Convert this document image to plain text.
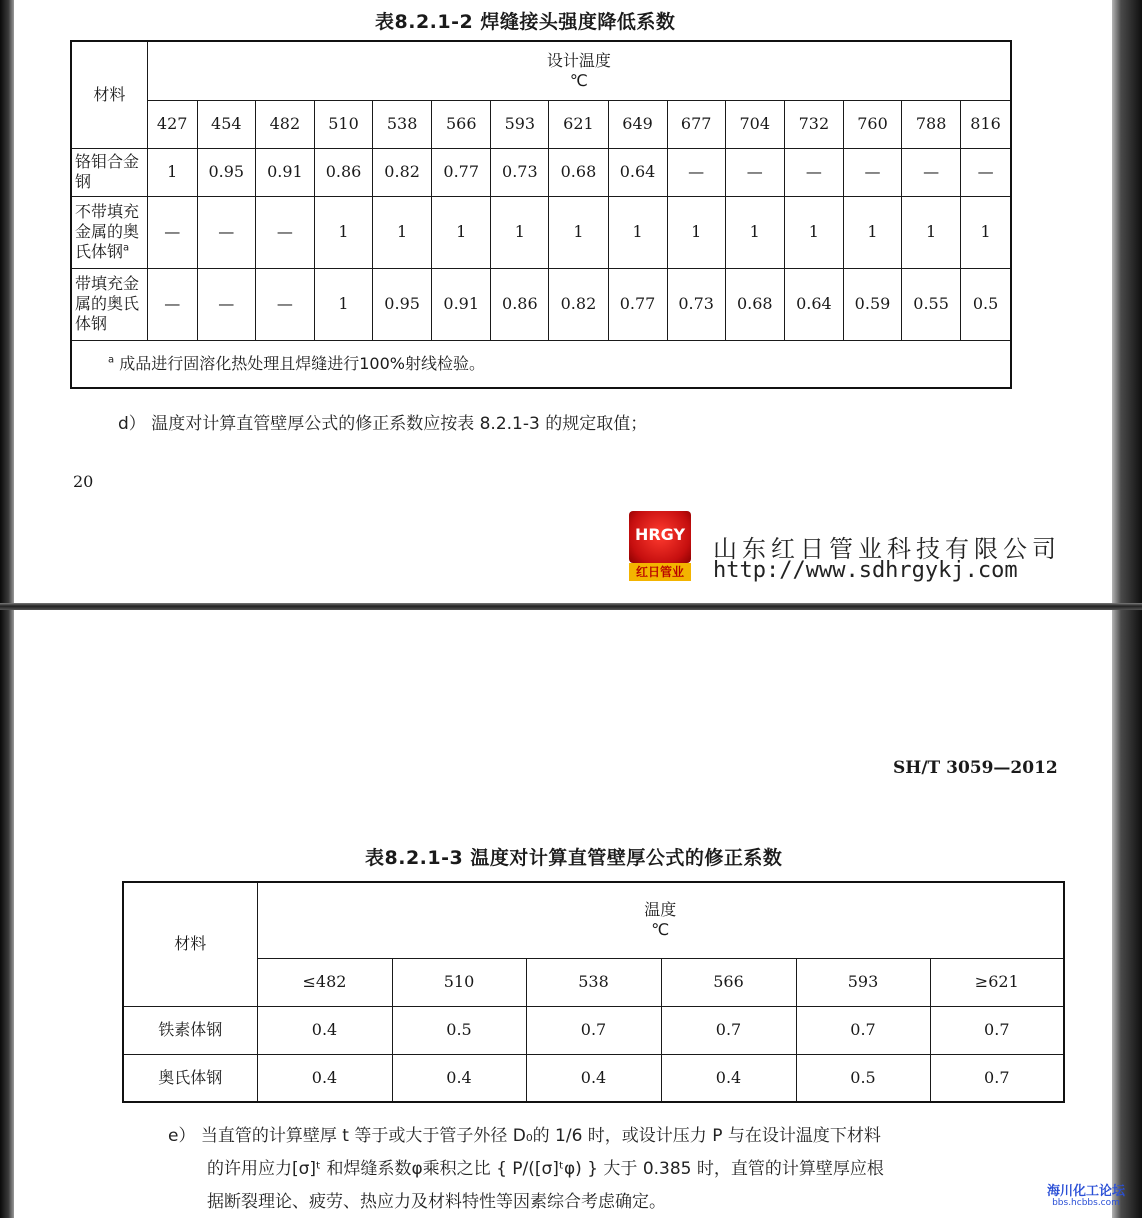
表8.2.1-2 焊缝接头强度降低系数
材料	设计温度
℃														

	427	454	482	510	538	566	593	621	649	677	704	732	760	788	816
铬钼合金钢	1	0.95	0.91	0.86	0.82	0.77	0.73	0.68	0.64	—	—	—	—	—	—
不带填充金属的奥氏体钢$^a$	—	—	—	1	1	1	1	1	1	1	1	1	1	1	1
带填充金属的奥氏体钢	—	—	—	1	0.95	0.91	0.86	0.82	0.77	0.73	0.68	0.64	0.59	0.55	0.5
$^a$ 成品进行固溶化热处理且焊缝进行100%射线检验。															
d） 温度对计算直管壁厚公式的修正系数应按表 8.2.1-3 的规定取值；
20
HRGY
红日管业
山东红日管业科技有限公司
http://www.sdhrgykj.com
SH/T 3059—2012
表8.2.1-3 温度对计算直管壁厚公式的修正系数
材料	温度
℃					

	≤482	510	538	566	593	≥621
铁素体钢	0.4	0.5	0.7	0.7	0.7	0.7
奥氏体钢	0.4	0.4	0.4	0.4	0.5	0.7
e） 当直管的计算壁厚 t 等于或大于管子外径 D₀的 1/6 时，或设计压力 P 与在设计温度下材料
的许用应力[σ]ᵗ 和焊缝系数φ乘积之比 { P/([σ]ᵗφ) } 大于 0.385 时，直管的计算壁厚应根
据断裂理论、疲劳、热应力及材料特性等因素综合考虑确定。
海川化工论坛
bbs.hcbbs.com
